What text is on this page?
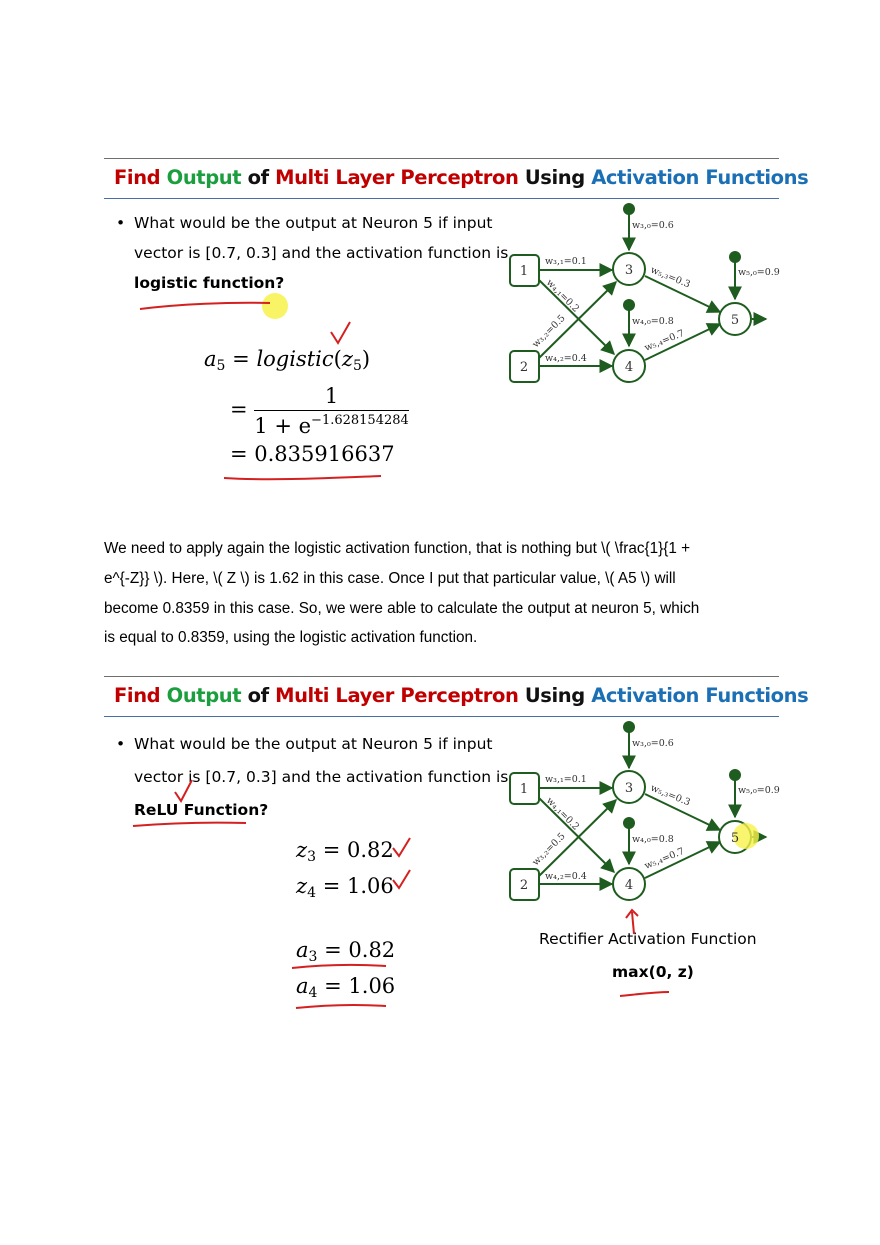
Find Output of Multi Layer Perceptron Using Activation Functions
• What would be the output at Neuron 5 if input
vector is [0.7, 0.3] and the activation function is
logistic function?
$a_5$ = $logistic(z_5)$
= $\frac{1}{1 + e^{-1.628154284}}$
= 0.835916637
1
2
3
4
5
w₃,₀=0.6
w₃,₁=0.1
w₄,₁=0.2
w₃,₂=0.5
w₄,₂=0.4
w₄,₀=0.8
w₅,₃=0.3
w₅,₄=0.7
w₅,₀=0.9
We need to apply again the logistic activation function, that is nothing but \( \frac{1}{1 +
e^{-Z}} \). Here, \( Z \) is 1.62 in this case. Once I put that particular value, \( A5 \) will
become 0.8359 in this case. So, we were able to calculate the output at neuron 5, which
is equal to 0.8359, using the logistic activation function.
Find Output of Multi Layer Perceptron Using Activation Functions
• What would be the output at Neuron 5 if input
vector is [0.7, 0.3] and the activation function is
ReLU Function?
$z_3 = 0.82$
$z_4 = 1.06$
$a_3 = 0.82$
$a_4 = 1.06$
Rectifier Activation Function
max(0, z)
1
2
3
4
5
w₃,₀=0.6
w₃,₁=0.1
w₄,₁=0.2
w₃,₂=0.5
w₄,₂=0.4
w₄,₀=0.8
w₅,₃=0.3
w₅,₄=0.7
w₅,₀=0.9
